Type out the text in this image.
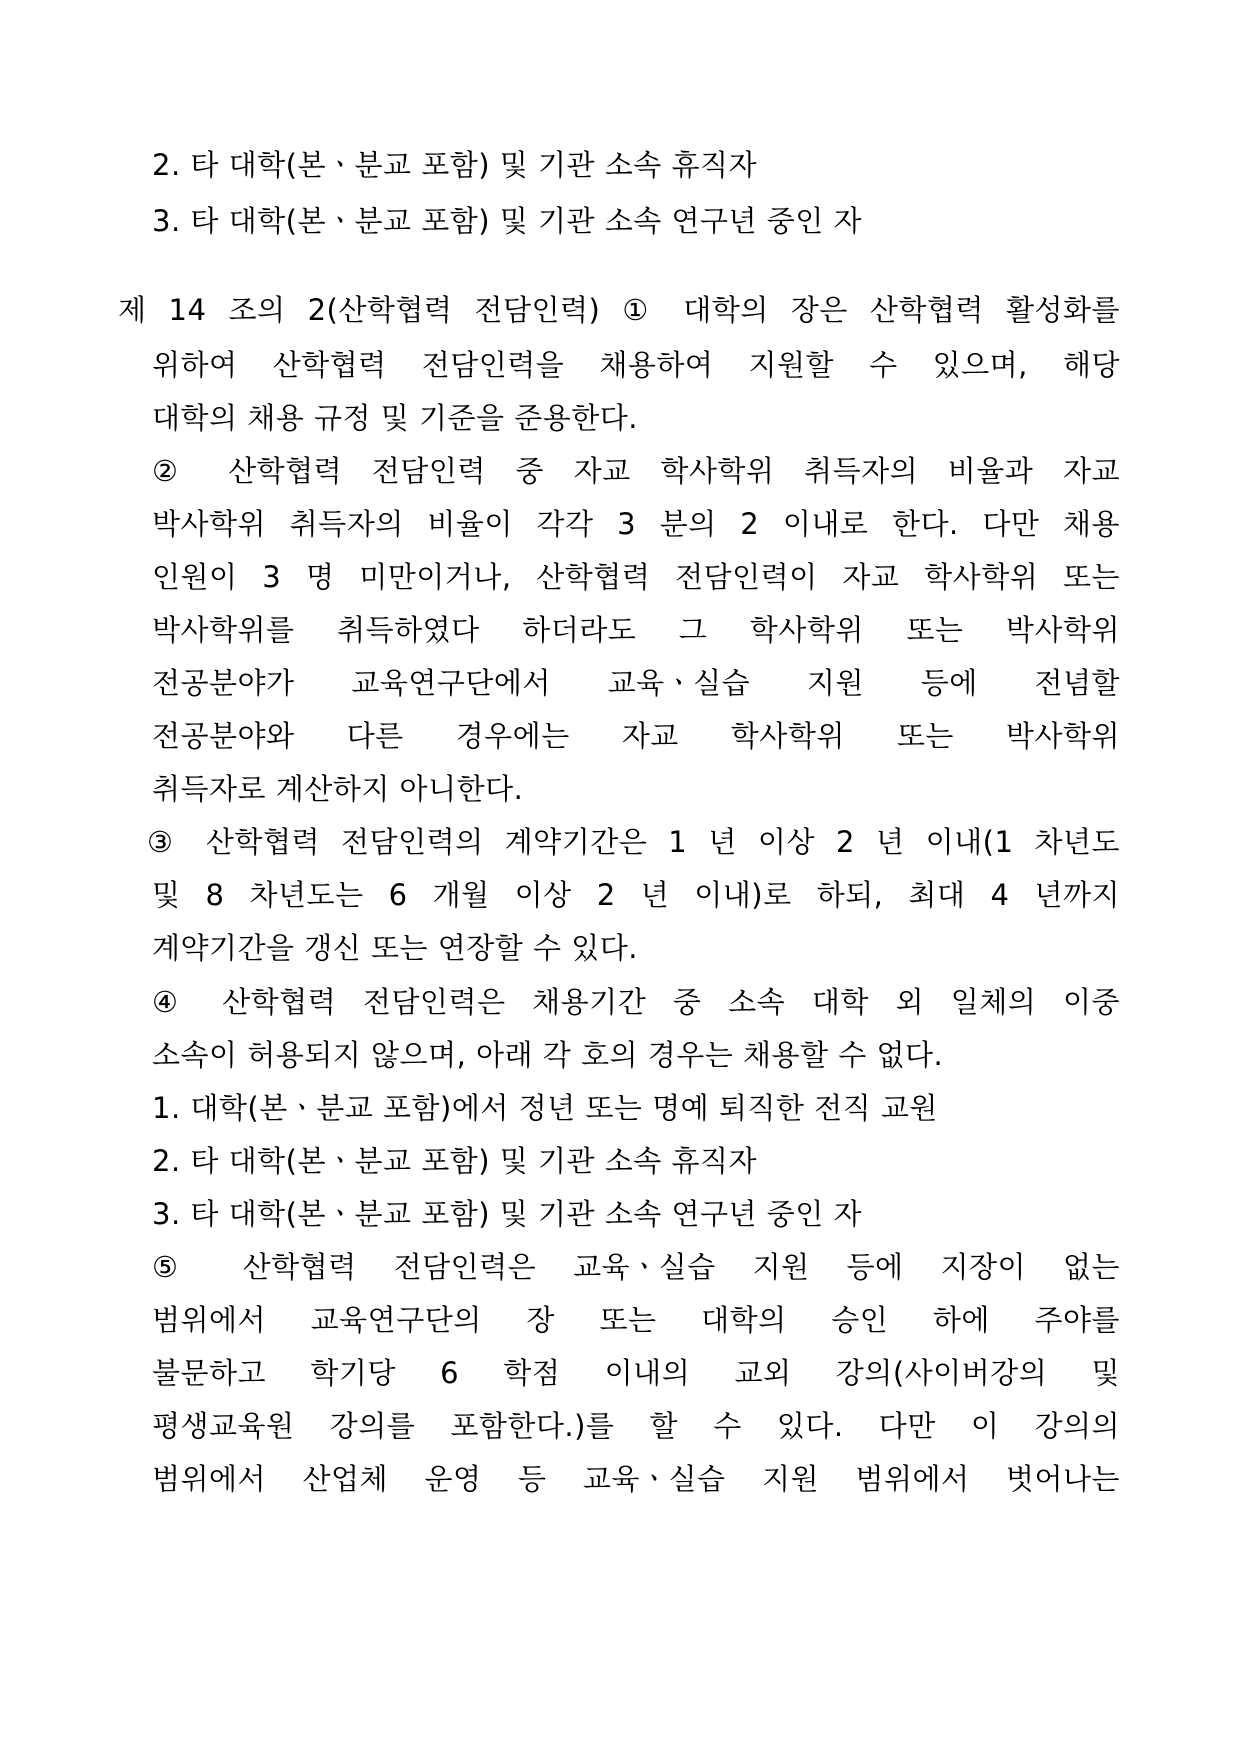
2. 타 대학(본ㆍ분교 포함) 및 기관 소속 휴직자
3. 타 대학(본ㆍ분교 포함) 및 기관 소속 연구년 중인 자
제 14 조의 2(산학협력 전담인력) ① 대학의 장은 산학협력 활성화를
위하여 산학협력 전담인력을 채용하여 지원할 수 있으며, 해당
대학의 채용 규정 및 기준을 준용한다.
② 산학협력 전담인력 중 자교 학사학위 취득자의 비율과 자교
박사학위 취득자의 비율이 각각 3 분의 2 이내로 한다. 다만 채용
인원이 3 명 미만이거나, 산학협력 전담인력이 자교 학사학위 또는
박사학위를 취득하였다 하더라도 그 학사학위 또는 박사학위
전공분야가 교육연구단에서 교육ㆍ실습 지원 등에 전념할
전공분야와 다른 경우에는 자교 학사학위 또는 박사학위
취득자로 계산하지 아니한다.
③ 산학협력 전담인력의 계약기간은 1 년 이상 2 년 이내(1 차년도
및 8 차년도는 6 개월 이상 2 년 이내)로 하되, 최대 4 년까지
계약기간을 갱신 또는 연장할 수 있다.
④ 산학협력 전담인력은 채용기간 중 소속 대학 외 일체의 이중
소속이 허용되지 않으며, 아래 각 호의 경우는 채용할 수 없다.
1. 대학(본ㆍ분교 포함)에서 정년 또는 명예 퇴직한 전직 교원
2. 타 대학(본ㆍ분교 포함) 및 기관 소속 휴직자
3. 타 대학(본ㆍ분교 포함) 및 기관 소속 연구년 중인 자
⑤ 산학협력 전담인력은 교육ㆍ실습 지원 등에 지장이 없는
범위에서 교육연구단의 장 또는 대학의 승인 하에 주야를
불문하고 학기당 6 학점 이내의 교외 강의(사이버강의 및
평생교육원 강의를 포함한다.)를 할 수 있다. 다만 이 강의의
범위에서 산업체 운영 등 교육ㆍ실습 지원 범위에서 벗어나는
